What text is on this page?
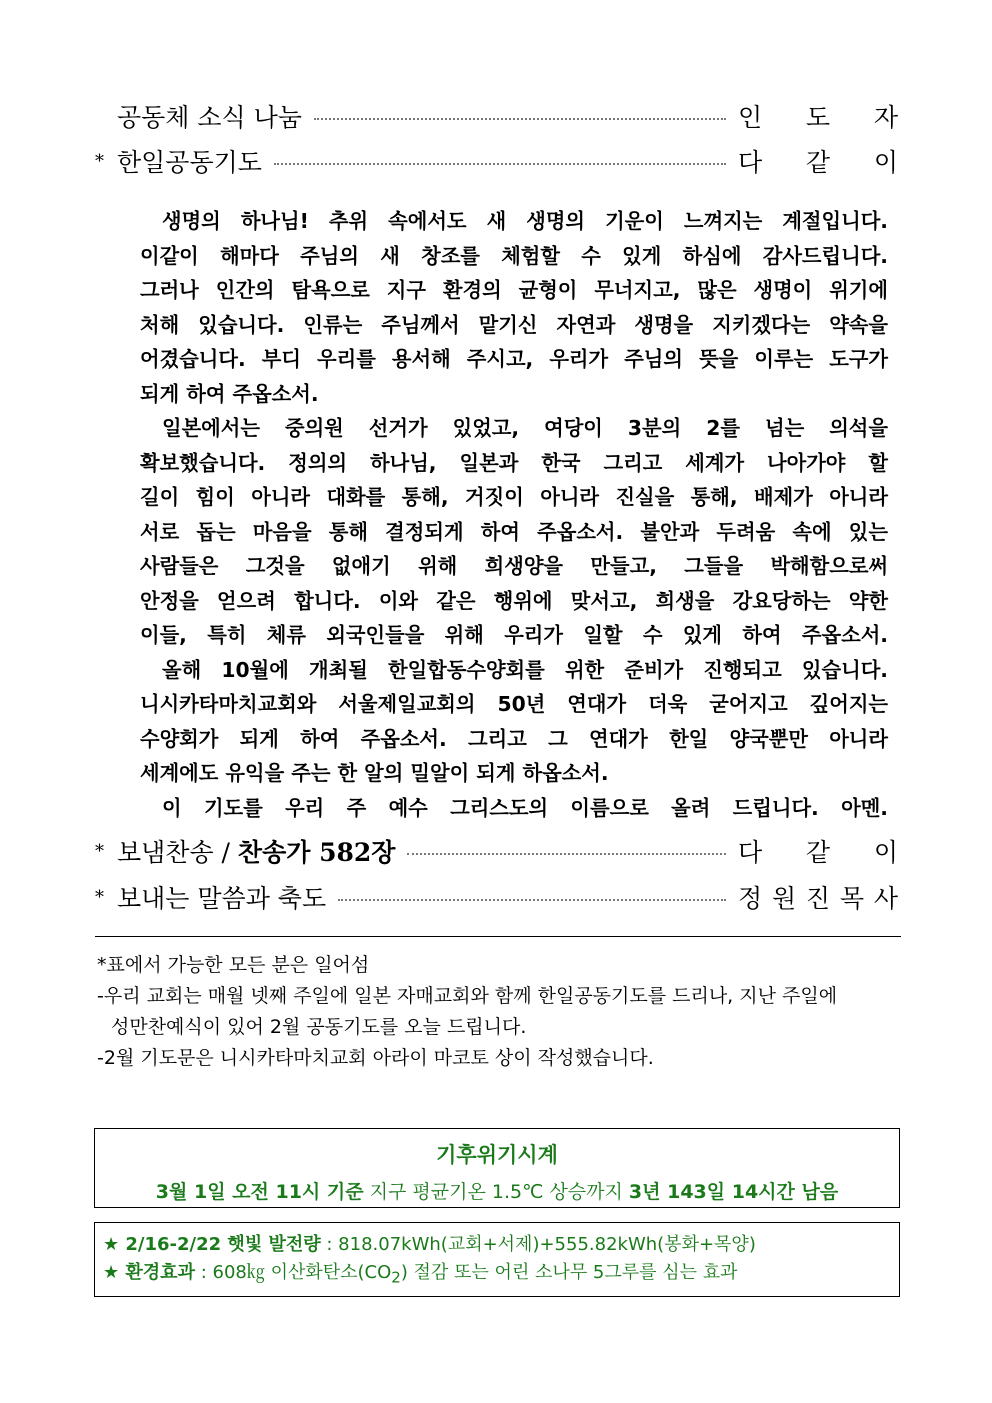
공동체 소식 나눔	인 도 자
* 한일공동기도	다 같 이

생명의 하나님! 추위 속에서도 새 생명의 기운이 느껴지는 계절입니다.

이같이 해마다 주님의 새 창조를 체험할 수 있게 하심에 감사드립니다.

그러나 인간의 탐욕으로 지구 환경의 균형이 무너지고, 많은 생명이 위기에

처해 있습니다. 인류는 주님께서 맡기신 자연과 생명을 지키겠다는 약속을

어겼습니다. 부디 우리를 용서해 주시고, 우리가 주님의 뜻을 이루는 도구가

되게 하여 주옵소서.

일본에서는 중의원 선거가 있었고, 여당이 3분의 2를 넘는 의석을

확보했습니다. 정의의 하나님, 일본과 한국 그리고 세계가 나아가야 할

길이 힘이 아니라 대화를 통해, 거짓이 아니라 진실을 통해, 배제가 아니라

서로 돕는 마음을 통해 결정되게 하여 주옵소서. 불안과 두려움 속에 있는

사람들은 그것을 없애기 위해 희생양을 만들고, 그들을 박해함으로써

안정을 얻으려 합니다. 이와 같은 행위에 맞서고, 희생을 강요당하는 약한

이들, 특히 체류 외국인들을 위해 우리가 일할 수 있게 하여 주옵소서.

올해 10월에 개최될 한일합동수양회를 위한 준비가 진행되고 있습니다.

니시카타마치교회와 서울제일교회의 50년 연대가 더욱 굳어지고 깊어지는

수양회가 되게 하여 주옵소서. 그리고 그 연대가 한일 양국뿐만 아니라

세계에도 유익을 주는 한 알의 밀알이 되게 하옵소서.

이 기도를 우리 주 예수 그리스도의 이름으로 올려 드립니다. 아멘.

* 보냄찬송 / 찬송가 582장	다 같 이
* 보내는 말씀과 축도	정 원 진 목 사
*표에서 가능한 모든 분은 일어섬
-우리 교회는 매월 넷째 주일에 일본 자매교회와 함께 한일공동기도를 드리나, 지난 주일에
성만찬예식이 있어 2월 공동기도를 오늘 드립니다.
-2월 기도문은 니시카타마치교회 아라이 마코토 상이 작성했습니다.
기후위기시계
3월 1일 오전 11시 기준 지구 평균기온 1.5℃ 상승까지 3년 143일 14시간 남음
★ 2/16-2/22 햇빛 발전량 : 818.07kWh(교회+서제)+555.82kWh(봉화+목양)
★ 환경효과 : 608㎏ 이산화탄소$(CO_2)$ 절감 또는 어린 소나무 5그루를 심는 효과
